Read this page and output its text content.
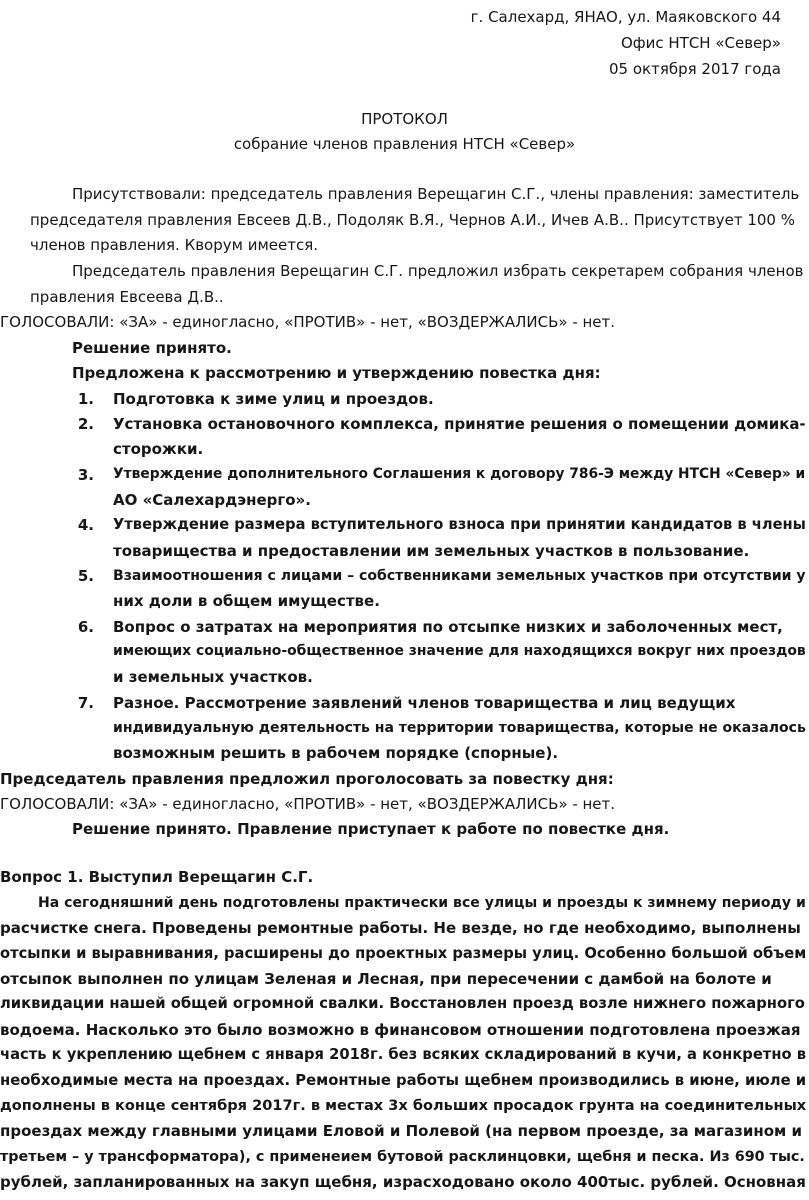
г. Салехард, ЯНАО, ул. Маяковского 44
Офис НТСН «Север»
05 октября 2017 года
ПРОТОКОЛ
собрание членов правления НТСН «Север»
Присутствовали: председатель правления Верещагин С.Г., члены правления: заместитель
председателя правления Евсеев Д.В., Подоляк В.Я., Чернов А.И., Ичев А.В.. Присутствует 100 %
членов правления. Кворум имеется.
Председатель правления Верещагин С.Г. предложил избрать секретарем собрания членов
правления Евсеева Д.В..
ГОЛОСОВАЛИ: «ЗА» - единогласно, «ПРОТИВ» - нет, «ВОЗДЕРЖАЛИСЬ» - нет.
Решение принято.
Предложена к рассмотрению и утверждению повестка дня:
1. Подготовка к зиме улиц и проездов.
2. Установка остановочного комплекса, принятие решения о помещении домика-
сторожки.
3. Утверждение дополнительного Соглашения к договору 786-Э между НТСН «Север» и
АО «Салехардэнерго».
4. Утверждение размера вступительного взноса при принятии кандидатов в члены
товарищества и предоставлении им земельных участков в пользование.
5. Взаимоотношения с лицами – собственниками земельных участков при отсутствии у
них доли в общем имуществе.
6. Вопрос о затратах на мероприятия по отсыпке низких и заболоченных мест,
имеющих социально-общественное значение для находящихся вокруг них проездов
и земельных участков.
7. Разное. Рассмотрение заявлений членов товарищества и лиц ведущих
индивидуальную деятельность на территории товарищества, которые не оказалось
возможным решить в рабочем порядке (спорные).
Председатель правления предложил проголосовать за повестку дня:
ГОЛОСОВАЛИ: «ЗА» - единогласно, «ПРОТИВ» - нет, «ВОЗДЕРЖАЛИСЬ» - нет.
Решение принято. Правление приступает к работе по повестке дня.
Вопрос 1. Выступил Верещагин С.Г.
На сегодняшний день подготовлены практически все улицы и проезды к зимнему периоду и
расчистке снега. Проведены ремонтные работы. Не везде, но где необходимо, выполнены
отсыпки и выравнивания, расширены до проектных размеры улиц. Особенно большой объем
отсыпок выполнен по улицам Зеленая и Лесная, при пересечении с дамбой на болоте и
ликвидации нашей общей огромной свалки. Восстановлен проезд возле нижнего пожарного
водоема. Насколько это было возможно в финансовом отношении подготовлена проезжая
часть к укреплению щебнем с января 2018г. без всяких складирований в кучи, а конкретно в
необходимые места на проездах. Ремонтные работы щебнем производились в июне, июле и
дополнены в конце сентября 2017г. в местах 3х больших просадок грунта на соединительных
проездах между главными улицами Еловой и Полевой (на первом проезде, за магазином и
третьем – у трансформатора), с применеием бутовой расклинцовки, щебня и песка. Из 690 тыс.
рублей, запланированных на закуп щебня, израсходовано около 400тыс. рублей. Основная
